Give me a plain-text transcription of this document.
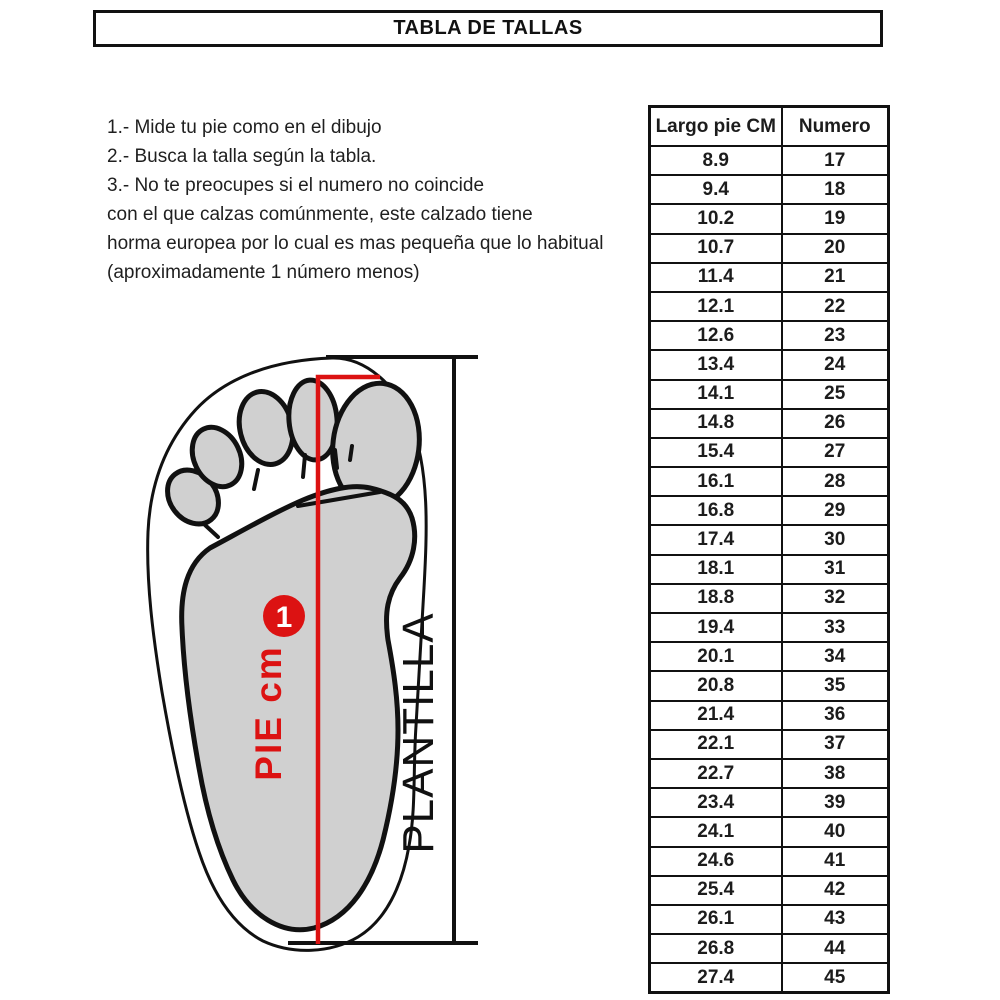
TABLA DE TALLAS
1.- Mide tu pie como en el dibujo
2.- Busca la talla según la tabla.
3.- No te preocupes si el numero no coincide
con el que calzas comúnmente, este calzado tiene
horma europea por lo cual es mas pequeña que lo habitual
(aproximadamente 1 número menos)
1
PIE cm PLANTILLA
Largo pie CM	Numero
8.9	17
9.4	18
10.2	19
10.7	20
11.4	21
12.1	22
12.6	23
13.4	24
14.1	25
14.8	26
15.4	27
16.1	28
16.8	29
17.4	30
18.1	31
18.8	32
19.4	33
20.1	34
20.8	35
21.4	36
22.1	37
22.7	38
23.4	39
24.1	40
24.6	41
25.4	42
26.1	43
26.8	44
27.4	45
